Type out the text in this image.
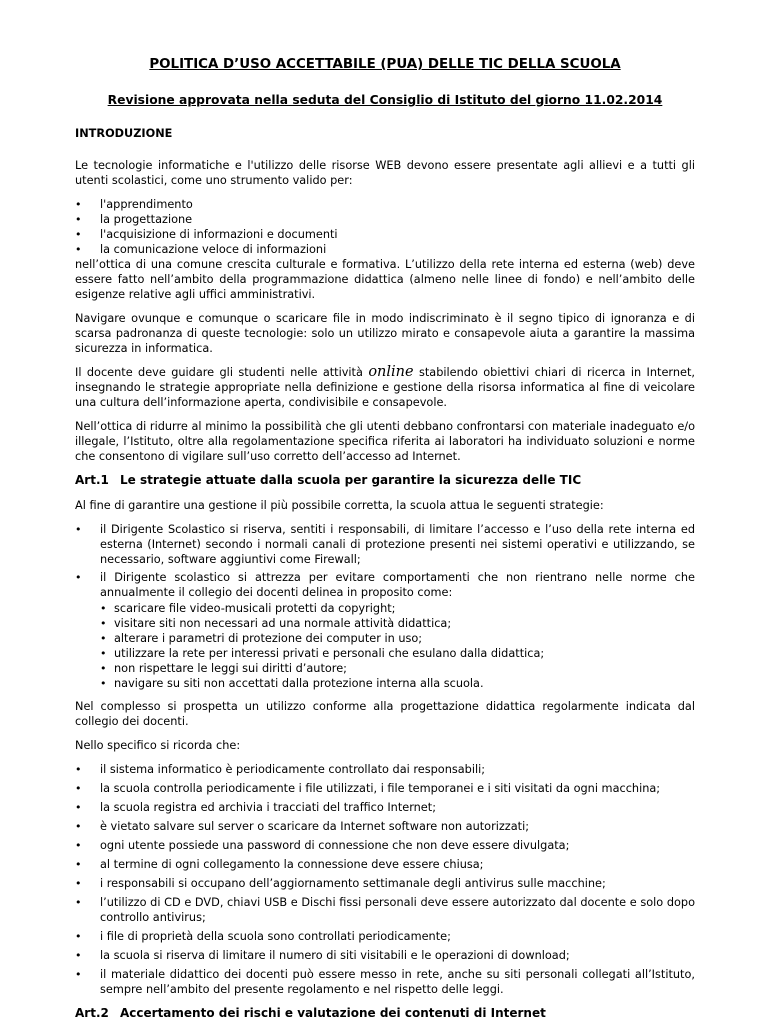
POLITICA D’USO ACCETTABILE (PUA) DELLE TIC DELLA SCUOLA
Revisione approvata nella seduta del Consiglio di Istituto del giorno 11.02.2014
INTRODUZIONE

Le tecnologie informatiche e l'utilizzo delle risorse WEB devono essere presentate agli allievi e a tutti gli utenti scolastici, come uno strumento valido per:

• l'apprendimento
• la progettazione
• l'acquisizione di informazioni e documenti
• la comunicazione veloce di informazioni

nell’ottica di una comune crescita culturale e formativa. L’utilizzo della rete interna ed esterna (web) deve essere fatto nell’ambito della programmazione didattica (almeno nelle linee di fondo) e nell’ambito delle esigenze relative agli uffici amministrativi.

Navigare ovunque e comunque o scaricare file in modo indiscriminato è il segno tipico di ignoranza e di scarsa padronanza di queste tecnologie: solo un utilizzo mirato e consapevole aiuta a garantire la massima sicurezza in informatica.

Il docente deve guidare gli studenti nelle attività online stabilendo obiettivi chiari di ricerca in Internet, insegnando le strategie appropriate nella definizione e gestione della risorsa informatica al fine di veicolare una cultura dell’informazione aperta, condivisibile e consapevole.

Nell’ottica di ridurre al minimo la possibilità che gli utenti debbano confrontarsi con materiale inadeguato e/o illegale, l’Istituto, oltre alla regolamentazione specifica riferita ai laboratori ha individuato soluzioni e norme che consentono di vigilare sull’uso corretto dell’accesso ad Internet.

Art.1 Le strategie attuate dalla scuola per garantire la sicurezza delle TIC

Al fine di garantire una gestione il più possibile corretta, la scuola attua le seguenti strategie:

• il Dirigente Scolastico si riserva, sentiti i responsabili, di limitare l’accesso e l’uso della rete interna ed esterna (Internet) secondo i normali canali di protezione presenti nei sistemi operativi e utilizzando, se necessario, software aggiuntivi come Firewall;
• il Dirigente scolastico si attrezza per evitare comportamenti che non rientrano nelle norme che annualmente il collegio dei docenti delinea in proposito come:
• scaricare file video-musicali protetti da copyright;
• visitare siti non necessari ad una normale attività didattica;
• alterare i parametri di protezione dei computer in uso;
• utilizzare la rete per interessi privati e personali che esulano dalla didattica;
• non rispettare le leggi sui diritti d’autore;
• navigare su siti non accettati dalla protezione interna alla scuola.

Nel complesso si prospetta un utilizzo conforme alla progettazione didattica regolarmente indicata dal collegio dei docenti.

Nello specifico si ricorda che:

• il sistema informatico è periodicamente controllato dai responsabili;
• la scuola controlla periodicamente i file utilizzati, i file temporanei e i siti visitati da ogni macchina;
• la scuola registra ed archivia i tracciati del traffico Internet;
• è vietato salvare sul server o scaricare da Internet software non autorizzati;
• ogni utente possiede una password di connessione che non deve essere divulgata;
• al termine di ogni collegamento la connessione deve essere chiusa;
• i responsabili si occupano dell’aggiornamento settimanale degli antivirus sulle macchine;
• l’utilizzo di CD e DVD, chiavi USB e Dischi fissi personali deve essere autorizzato dal docente e solo dopo controllo antivirus;
• i file di proprietà della scuola sono controllati periodicamente;
• la scuola si riserva di limitare il numero di siti visitabili e le operazioni di download;
• il materiale didattico dei docenti può essere messo in rete, anche su siti personali collegati all’Istituto, sempre nell’ambito del presente regolamento e nel rispetto delle leggi.
Art.2 Accertamento dei rischi e valutazione dei contenuti di Internet
